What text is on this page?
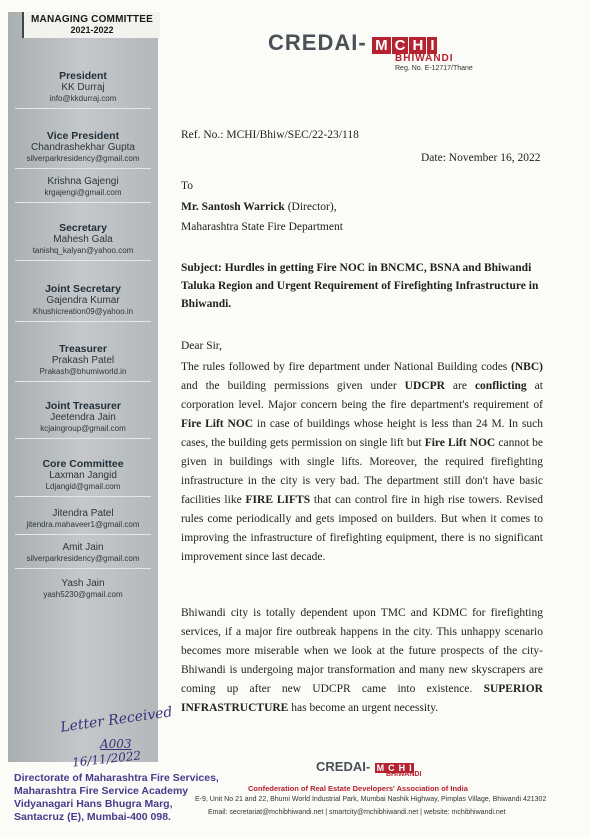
MANAGING COMMITTEE
2021-2022
President
KK Durraj
info@kkdurraj.com
Vice President
Chandrashekhar Gupta
silverparkresidency@gmail.com
Krishna Gajengi
krgajengi@gmail.com
Secretary
Mahesh Gala
tanishq_kalyan@yahoo.com
Joint Secretary
Gajendra Kumar
Khushicreation09@yahoo.in
Treasurer
Prakash Patel
Prakash@bhumiworld.in
Joint Treasurer
Jeetendra Jain
kcjaingroup@gmail.com
Core Committee
Laxman Jangid
Ldjangid@gmail.com
Jitendra Patel
jitendra.mahaveer1@gmail.com
Amit Jain
silverparkresidency@gmail.com
Yash Jain
yash5230@gmail.com
CREDAI- M C H I
BHIWANDI
Reg. No. E-12717/Thane
Ref. No.: MCHI/Bhiw/SEC/22-23/118
Date: November 16, 2022
To
Mr. Santosh Warrick (Director),
Maharashtra State Fire Department
Subject: Hurdles in getting Fire NOC in BNCMC, BSNA and Bhiwandi Taluka Region and Urgent Requirement of Firefighting Infrastructure in Bhiwandi.
Dear Sir,
The rules followed by fire department under National Building codes (NBC) and the building permissions given under UDCPR are conflicting at corporation level. Major concern being the fire department's requirement of Fire Lift NOC in case of buildings whose height is less than 24 M. In such cases, the building gets permission on single lift but Fire Lift NOC cannot be given in buildings with single lifts. Moreover, the required firefighting infrastructure in the city is very bad. The department still don't have basic facilities like FIRE LIFTS that can control fire in high rise towers. Revised rules come periodically and gets imposed on builders. But when it comes to improving the infrastructure of firefighting equipment, there is no significant improvement since last decade.
Bhiwandi city is totally dependent upon TMC and KDMC for firefighting services, if a major fire outbreak happens in the city. This unhappy scenario becomes more miserable when we look at the future prospects of the city- Bhiwandi is undergoing major transformation and many new skyscrapers are coming up after new UDCPR came into existence. SUPERIOR INFRASTRUCTURE has become an urgent necessity.
Letter Received
A003
16/11/2022
Directorate of Maharashtra Fire Services,
Maharashtra Fire Service Academy
Vidyanagari Hans Bhugra Marg,
Santacruz (E), Mumbai-400 098.
CREDAI- M C H I
BHIWANDI
Confederation of Real Estate Developers' Association of India
E-9, Unit No 21 and 22, Bhumi World Industrial Park, Mumbai Nashik Highway, Pimplas Village, Bhiwandi 421302
Email: secretariat@mchibhiwandi.net | smartcity@mchibhiwandi.net | website: mchibhiwandi.net
